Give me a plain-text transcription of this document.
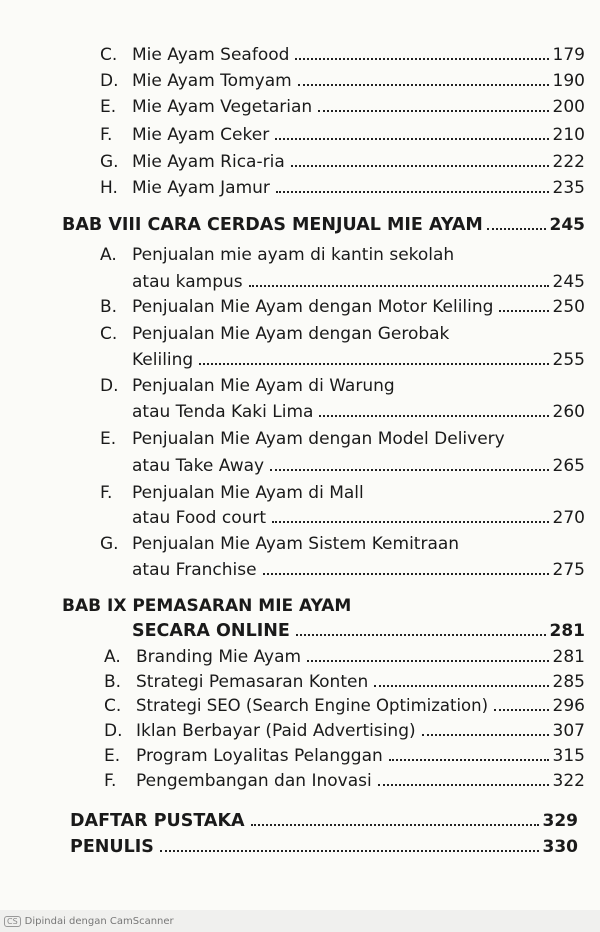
C. Mie Ayam Seafood	179
D. Mie Ayam Tomyam	190
E. Mie Ayam Vegetarian	200
F.	Mie Ayam Ceker	210
G. Mie Ayam Rica-ria	222
H. Mie Ayam Jamur	235
BAB VIII CARA CERDAS MENJUAL MIE AYAM	245
A. Penjualan mie ayam di kantin sekolah
atau kampus	245
B. Penjualan Mie Ayam dengan Motor Keliling	250
C. Penjualan Mie Ayam dengan Gerobak
Keliling	255
D. Penjualan Mie Ayam di Warung
atau Tenda Kaki Lima	260
E. Penjualan Mie Ayam dengan Model Delivery
atau Take Away	265
F. Penjualan Mie Ayam di Mall
atau Food court	270
G. Penjualan Mie Ayam Sistem Kemitraan
atau Franchise	275
BAB IX PEMASARAN MIE AYAM
SECARA ONLINE	281
A. Branding Mie Ayam	281
B. Strategi Pemasaran Konten	285
C. Strategi SEO (Search Engine Optimization)	296
D. Iklan Berbayar (Paid Advertising)	307
E. Program Loyalitas Pelanggan	315
F.	Pengembangan dan Inovasi	322
DAFTAR PUSTAKA	329
PENULIS	330
CS Dipindai dengan CamScanner
